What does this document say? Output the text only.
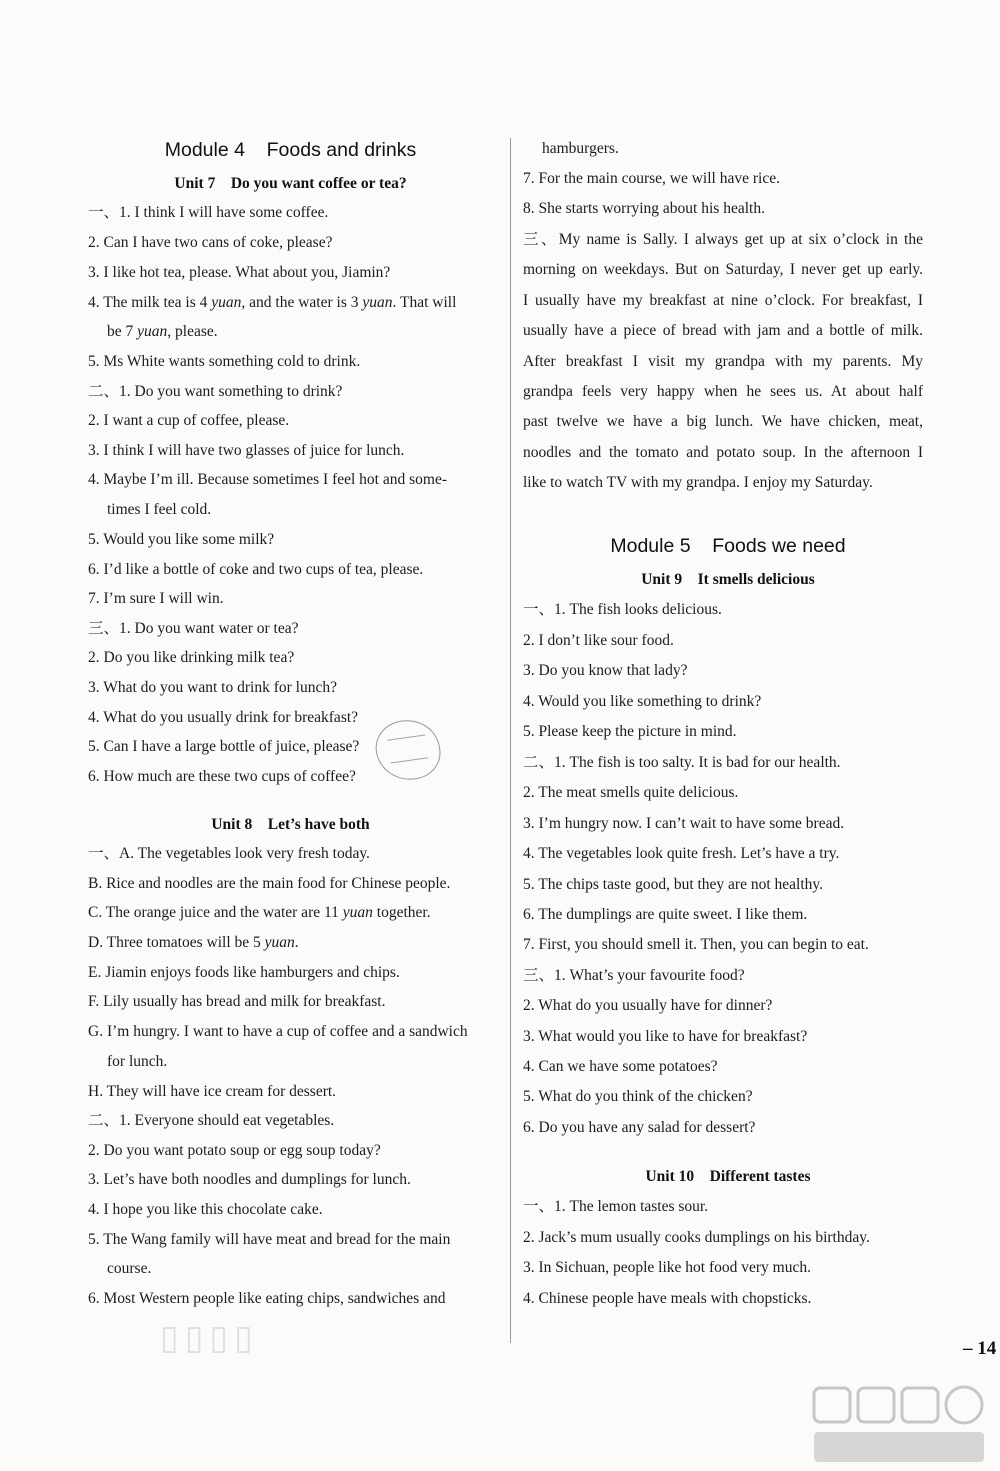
Module 4    Foods and drinks
Unit 7    Do you want coffee or tea?
一、1. I think I will have some coffee.
2. Can I have two cans of coke, please?
3. I like hot tea, please. What about you, Jiamin?
4. The milk tea is 4 yuan, and the water is 3 yuan. That will
be 7 yuan, please.
5. Ms White wants something cold to drink.
二、1. Do you want something to drink?
2. I want a cup of coffee, please.
3. I think I will have two glasses of juice for lunch.
4. Maybe I’m ill. Because sometimes I feel hot and some-
times I feel cold.
5. Would you like some milk?
6. I’d like a bottle of coke and two cups of tea, please.
7. I’m sure I will win.
三、1. Do you want water or tea?
2. Do you like drinking milk tea?
3. What do you want to drink for lunch?
4. What do you usually drink for breakfast?
5. Can I have a large bottle of juice, please?
6. How much are these two cups of coffee?
Unit 8    Let’s have both
一、A. The vegetables look very fresh today.
B. Rice and noodles are the main food for Chinese people.
C. The orange juice and the water are 11 yuan together.
D. Three tomatoes will be 5 yuan.
E. Jiamin enjoys foods like hamburgers and chips.
F. Lily usually has bread and milk for breakfast.
G. I’m hungry. I want to have a cup of coffee and a sandwich
for lunch.
H. They will have ice cream for dessert.
二、1. Everyone should eat vegetables.
2. Do you want potato soup or egg soup today?
3. Let’s have both noodles and dumplings for lunch.
4. I hope you like this chocolate cake.
5. The Wang family will have meat and bread for the main
course.
6. Most Western people like eating chips, sandwiches and
hamburgers.
7. For the main course, we will have rice.
8. She starts worrying about his health.
三、My name is Sally. I always get up at six o’clock in the
morning on weekdays. But on Saturday, I never get up early.
I usually have my breakfast at nine o’clock. For breakfast, I
usually have a piece of bread with jam and a bottle of milk.
After breakfast I visit my grandpa with my parents. My
grandpa feels very happy when he sees us. At about half
past twelve we have a big lunch. We have chicken, meat,
noodles and the tomato and potato soup. In the afternoon I
like to watch TV with my grandpa. I enjoy my Saturday.
Module 5    Foods we need
Unit 9    It smells delicious
一、1. The fish looks delicious.
2. I don’t like sour food.
3. Do you know that lady?
4. Would you like something to drink?
5. Please keep the picture in mind.
二、1. The fish is too salty. It is bad for our health.
2. The meat smells quite delicious.
3. I’m hungry now. I can’t wait to have some bread.
4. The vegetables look quite fresh. Let’s have a try.
5. The chips taste good, but they are not healthy.
6. The dumplings are quite sweet. I like them.
7. First, you should smell it. Then, you can begin to eat.
三、1. What’s your favourite food?
2. What do you usually have for dinner?
3. What would you like to have for breakfast?
4. Can we have some potatoes?
5. What do you think of the chicken?
6. Do you have any salad for dessert?
Unit 10    Different tastes
一、1. The lemon tastes sour.
2. Jack’s mum usually cooks dumplings on his birthday.
3. In Sichuan, people like hot food very much.
4. Chinese people have meals with chopsticks.
– 14
▯▯▯▯
